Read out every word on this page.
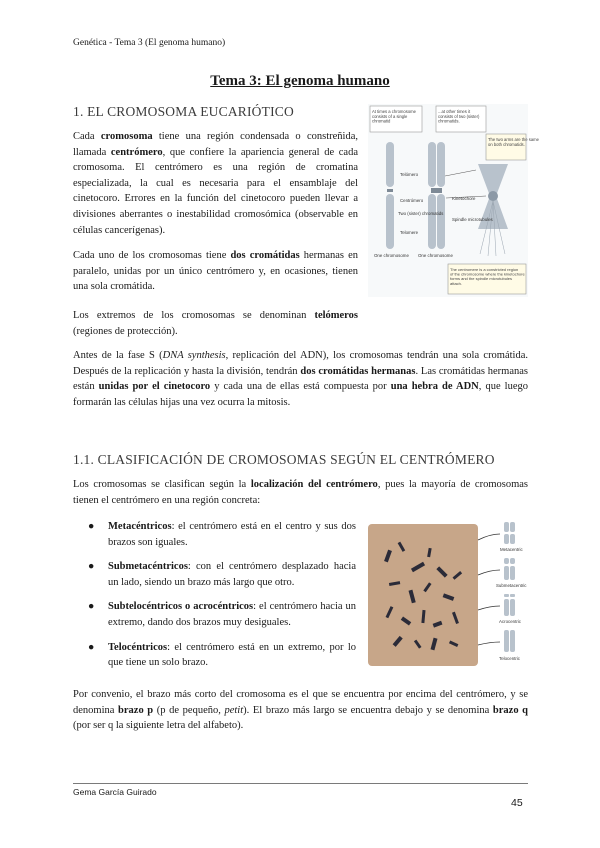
Genética - Tema 3 (El genoma humano)
Tema 3: El genoma humano
1. EL CROMOSOMA EUCARIÓTICO

Cada cromosoma tiene una región condensada o constreñida, llamada centrómero, que confiere la apariencia general de cada cromosoma. El centrómero es una región de cromatina especializada, la cual es necesaria para el ensamblaje del cinetocoro. Errores en la función del cinetocoro pueden llevar a divisiones aberrantes o inestabilidad cromosómica (observable en células cancerígenas).

Cada uno de los cromosomas tiene dos cromátidas hermanas en paralelo, unidas por un único centrómero y, en ocasiones, tienen una sola cromátida.

Los extremos de los cromosomas se denominan telómeros (regiones de protección).

At times a chromosome consists of a single chromatid
...at other times it consists of two (sister) chromatids.
The two arms are the same on both chromatids.
Telómero
Centrómero
Two (sister) chromatids
Telomere
One chromosome One chromosome
Kinetochore
Spindle microtubules
The centromere is a constricted region of the chromosome where the kinetochore forms and the spindle microtubules attach.

Antes de la fase S (DNA synthesis, replicación del ADN), los cromosomas tendrán una sola cromátida. Después de la replicación y hasta la división, tendrán dos cromátidas hermanas. Las cromátidas hermanas están unidas por el cinetocoro y cada una de ellas está compuesta por una hebra de ADN, que luego formarán las células hijas una vez ocurra la mitosis.

1.1. CLASIFICACIÓN DE CROMOSOMAS SEGÚN EL CENTRÓMERO

Los cromosomas se clasifican según la localización del centrómero, pues la mayoría de cromosomas tienen el centrómero en una región concreta:

● Metacéntricos: el centrómero está en el centro y sus dos brazos son iguales.
● Submetacéntricos: con el centrómero desplazado hacia un lado, siendo un brazo más largo que otro.
● Subtelocéntricos o acrocéntricos: el centrómero hacia un extremo, dando dos brazos muy desiguales.
● Telocéntricos: el centrómero está en un extremo, por lo que tiene un solo brazo.
Metacentric
Submetacentric
Acrocentric
Telocentric

Por convenio, el brazo más corto del cromosoma es el que se encuentra por encima del centrómero, y se denomina brazo p (p de pequeño, petit). El brazo más largo se encuentra debajo y se denomina brazo q (por ser q la siguiente letra del alfabeto).

Gema García Guirado
45
